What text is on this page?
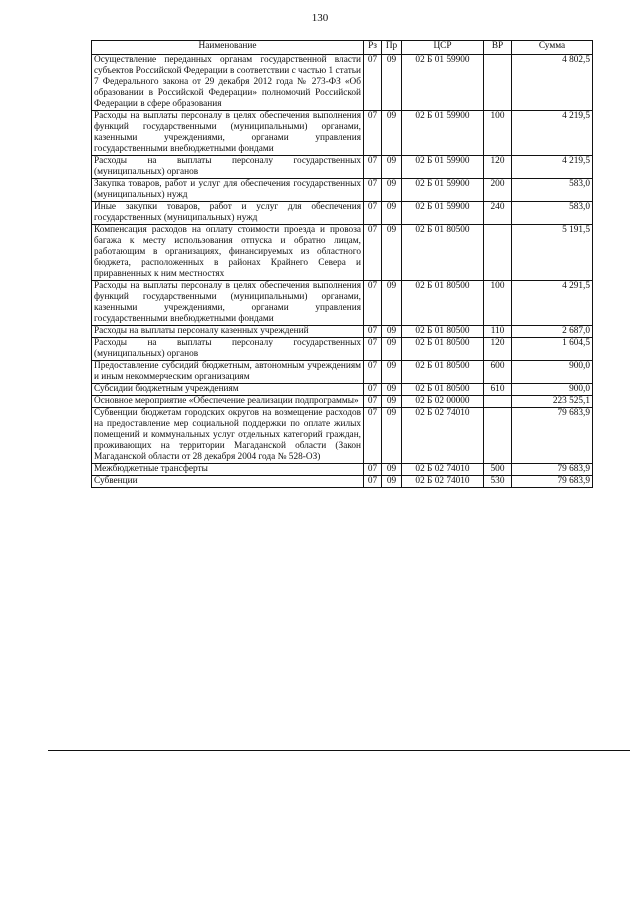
130
Наименование	Рз	Пр	ЦСР	ВР	Сумма
Осуществление переданных органам государственной власти субъектов Российской Федерации в соответствии с частью 1 статьи 7 Федерального закона от 29 декабря 2012 года № 273-ФЗ «Об образовании в Российской Федерации» полномочий Российской Федерации в сфере образования	07	09	02 Б 01 59900		4 802,5
Расходы на выплаты персоналу в целях обеспечения выполнения функций государственными (муниципальными) органами, казенными учреждениями, органами управления государственными внебюджетными фондами	07	09	02 Б 01 59900	100	4 219,5
Расходы на выплаты персоналу государственных (муниципальных) органов	07	09	02 Б 01 59900	120	4 219,5
Закупка товаров, работ и услуг для обеспечения государственных (муниципальных) нужд	07	09	02 Б 01 59900	200	583,0
Иные закупки товаров, работ и услуг для обеспечения государственных (муниципальных) нужд	07	09	02 Б 01 59900	240	583,0
Компенсация расходов на оплату стоимости проезда и провоза багажа к месту использования отпуска и обратно лицам, работающим в организациях, финансируемых из областного бюджета, расположенных в районах Крайнего Севера и приравненных к ним местностях	07	09	02 Б 01 80500		5 191,5
Расходы на выплаты персоналу в целях обеспечения выполнения функций государственными (муниципальными) органами, казенными учреждениями, органами управления государственными внебюджетными фондами	07	09	02 Б 01 80500	100	4 291,5
Расходы на выплаты персоналу казенных учреждений	07	09	02 Б 01 80500	110	2 687,0
Расходы на выплаты персоналу государственных (муниципальных) органов	07	09	02 Б 01 80500	120	1 604,5
Предоставление субсидий бюджетным, автономным учреждениям и иным некоммерческим организациям	07	09	02 Б 01 80500	600	900,0
Субсидии бюджетным учреждениям	07	09	02 Б 01 80500	610	900,0
Основное мероприятие «Обеспечение реализации подпрограммы»	07	09	02 Б 02 00000		223 525,1
Субвенции бюджетам городских округов на возмещение расходов на предоставление мер социальной поддержки по оплате жилых помещений и коммунальных услуг отдельных категорий граждан, проживающих на территории Магаданской области (Закон Магаданской области от 28 декабря 2004 года № 528-ОЗ)	07	09	02 Б 02 74010		79 683,9
Межбюджетные трансферты	07	09	02 Б 02 74010	500	79 683,9
Субвенции	07	09	02 Б 02 74010	530	79 683,9
